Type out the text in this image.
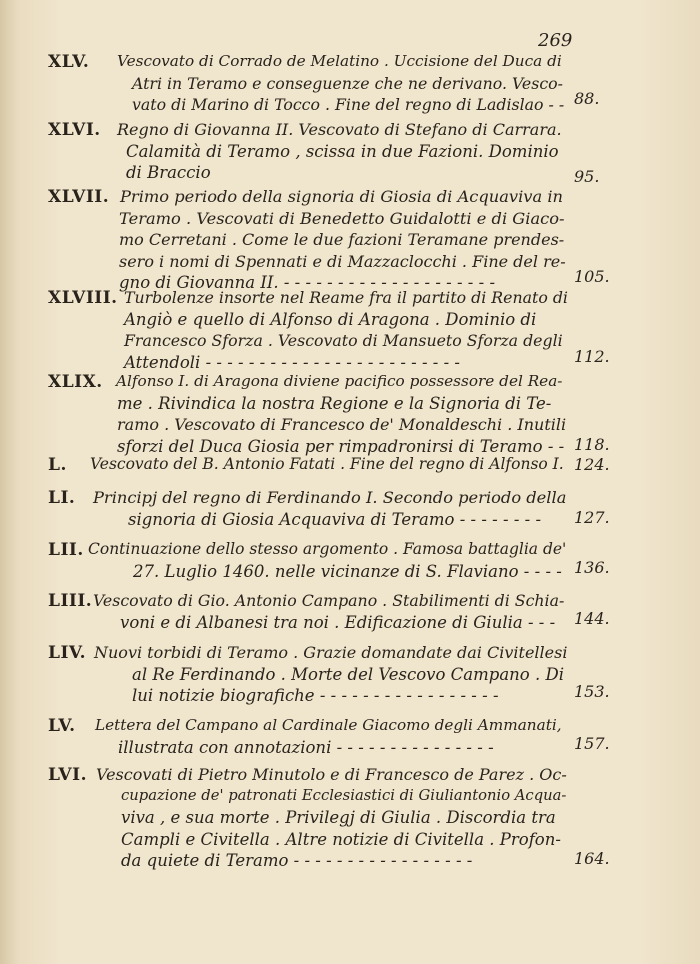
269
XLV. Vescovato di Corrado de Melatino . Uccisione del Duca di
Atri in Teramo e conseguenze che ne derivano. Vesco-
vato di Marino di Tocco . Fine del regno di Ladislao - - 88.
XLVI. Regno di Giovanna II. Vescovato di Stefano di Carrara.
Calamità di Teramo , scissa in due Fazioni. Dominio
di Braccio	95.
XLVII. Primo periodo della signoria di Giosia di Acquaviva in
Teramo . Vescovati di Benedetto Guidalotti e di Giaco-
mo Cerretani . Come le due fazioni Teramane prendes-
sero i nomi di Spennati e di Mazzaclocchi . Fine del re-
gno di Giovanna II. - - - - - - - - - - - - - - - - - - - -	105.
XLVIII. Turbolenze insorte nel Reame fra il partito di Renato di
Angiò e quello di Alfonso di Aragona . Dominio di
Francesco Sforza . Vescovato di Mansueto Sforza degli
Attendoli - - - - - - - - - - - - - - - - - - - - - - - -	112.
XLIX. Alfonso I. di Aragona diviene pacifico possessore del Rea-
me . Rivindica la nostra Regione e la Signoria di Te-
ramo . Vescovato di Francesco de' Monaldeschi . Inutili
sforzi del Duca Giosia per rimpadronirsi di Teramo - - 118.
L. Vescovato del B. Antonio Fatati . Fine del regno di Alfonso I. 124.
LI. Principj del regno di Ferdinando I. Secondo periodo della
signoria di Giosia Acquaviva di Teramo - - - - - - - - 127.
LII. Continuazione dello stesso argomento . Famosa battaglia de'
27. Luglio 1460. nelle vicinanze di S. Flaviano - - - - 136.
LIII. Vescovato di Gio. Antonio Campano . Stabilimenti di Schia-
voni e di Albanesi tra noi . Edificazione di Giulia - - - 144.
LIV. Nuovi torbidi di Teramo . Grazie domandate dai Civitellesi
al Re Ferdinando . Morte del Vescovo Campano . Di
lui notizie biografiche - - - - - - - - - - - - - - - - -	153.
LV. Lettera del Campano al Cardinale Giacomo degli Ammanati,
illustrata con annotazioni - - - - - - - - - - - - - - -	157.
LVI. Vescovati di Pietro Minutolo e di Francesco de Parez . Oc-
cupazione de' patronati Ecclesiastici di Giuliantonio Acqua-
viva , e sua morte . Privilegj di Giulia . Discordia tra
Campli e Civitella . Altre notizie di Civitella . Profon-
da quiete di Teramo - - - - - - - - - - - - - - - - -	164.
